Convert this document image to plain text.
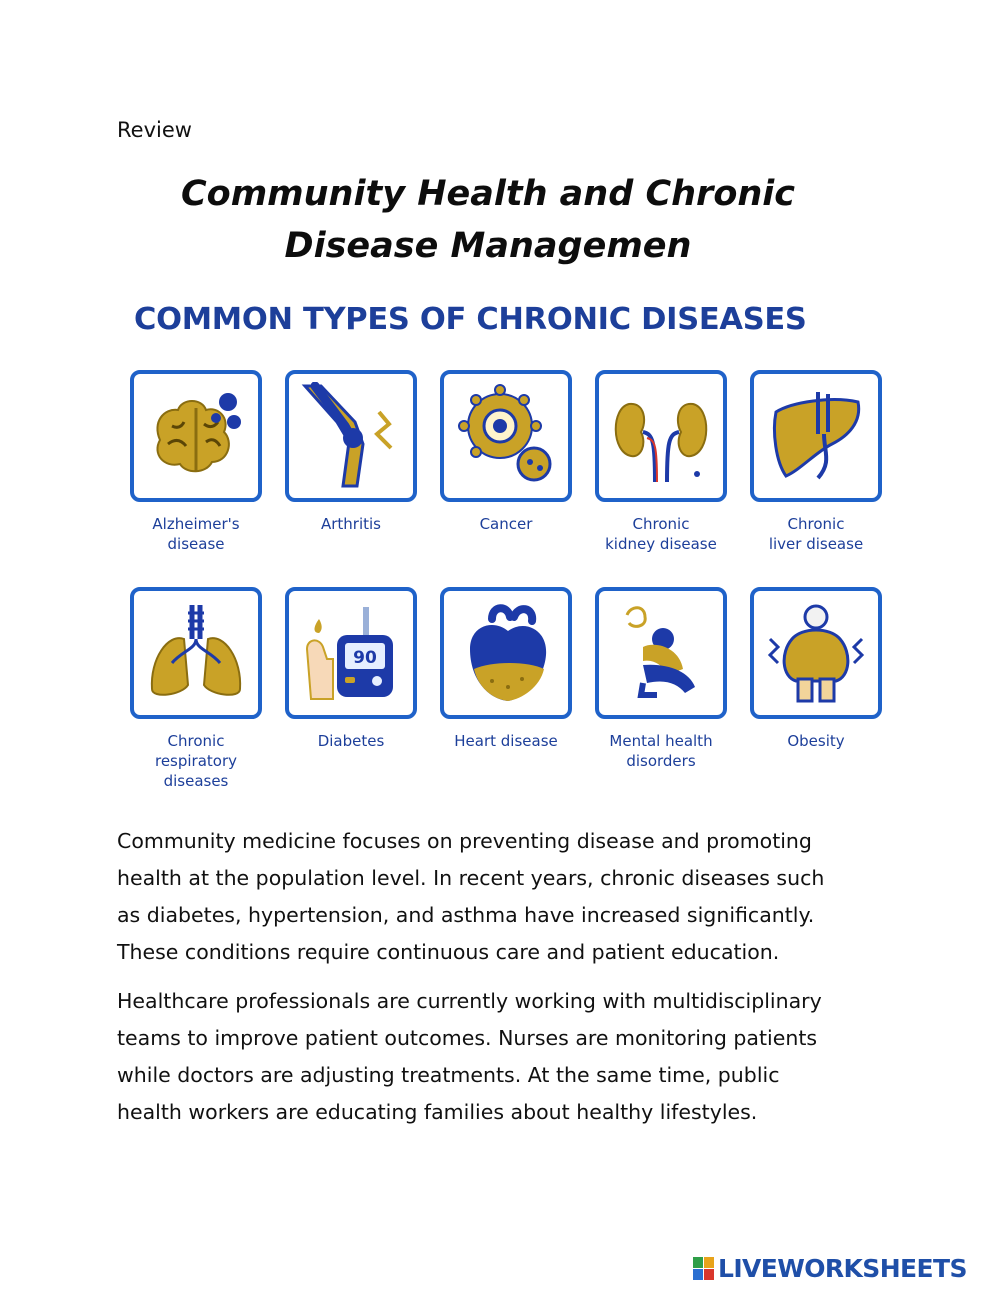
Review
Community Health and Chronic Disease Managemen
COMMON TYPES OF CHRONIC DISEASES
Alzheimer's
disease
Arthritis	Cancer	Chronic
kidney disease
Chronic
liver disease
90
Chronic
respiratory
diseases
Diabetes	Heart disease	Mental health
disorders
Obesity
Community medicine focuses on preventing disease and promoting
health at the population level. In recent years, chronic diseases such
as diabetes, hypertension, and asthma have increased significantly.
These conditions require continuous care and patient education.
Healthcare professionals are currently working with multidisciplinary
teams to improve patient outcomes. Nurses are monitoring patients
while doctors are adjusting treatments. At the same time, public
health workers are educating families about healthy lifestyles.
LIVEWORKSHEETS
